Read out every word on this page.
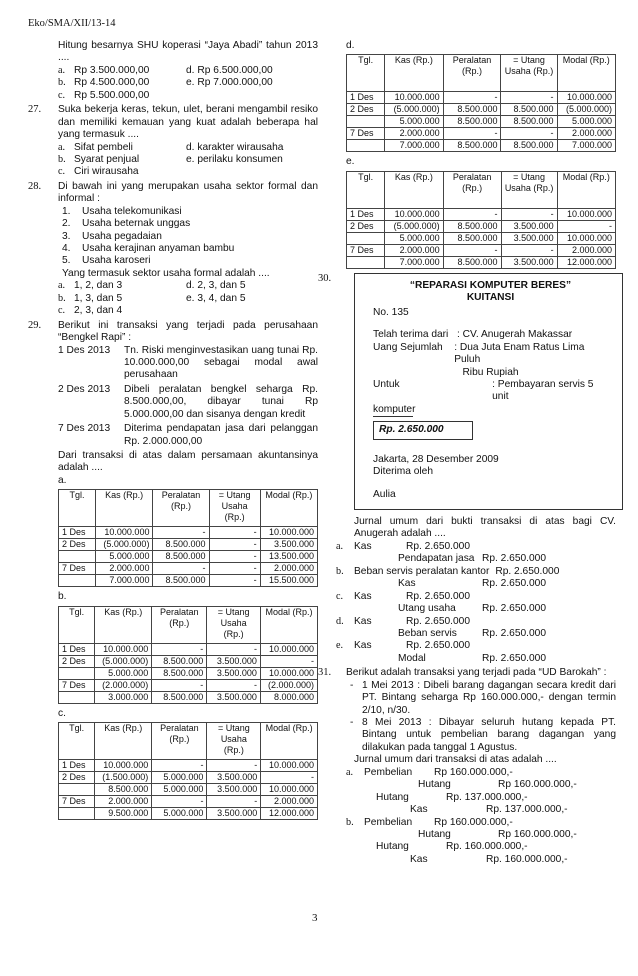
Eko/SMA/XII/13-14
Hitung besarnya SHU koperasi “Jaya Abadi” tahun 2013 ....
a. Rp 3.500.000,00	d.
Rp 6.500.000,00
b. Rp 4.500.000,00	e.
Rp 7.000.000,00
c. Rp 5.500.000,00
27. Suka bekerja keras, tekun, ulet, berani mengambil resiko dan memiliki kemauan yang kuat adalah beberapa hal yang termasuk ....
a. Sifat pembeli	d.
karakter wirausaha
b. Syarat penjual	e.
perilaku konsumen
c. Ciri wirausaha
28. Di bawah ini yang merupakan usaha sektor formal dan informal :
1.	Usaha telekomunikasi
2.	Usaha beternak unggas
3.	Usaha pegadaian
4.	Usaha kerajinan anyaman bambu
5.	Usaha karoseri
Yang termasuk sektor usaha formal adalah ....
a. 1, 2, dan 3	d.
2, 3, dan 5
b. 1, 3, dan 5	e.
3, 4, dan 5
c. 2, 3, dan 4
29. Berikut ini transaksi yang terjadi pada perusahaan “Bengkel Rapi” :
1 Des 2013	Tn. Riski menginvestasikan uang tunai Rp. 10.000.000,00 sebagai modal awal perusahaan
2 Des 2013	Dibeli peralatan bengkel seharga Rp. 8.500.000,00, dibayar tunai Rp 5.000.000,00 dan sisanya dengan kredit
7 Des 2013	Diterima pendapatan jasa dari pelanggan Rp. 2.000.000,00
Dari transaksi di atas dalam persamaan akuntansinya adalah ....
a.
Tgl.	Kas (Rp.)	Peralatan (Rp.)	= Utang Usaha (Rp.)	Modal (Rp.)
1 Des	10.000.000	-	-	10.000.000
2 Des	(5.000.000)	8.500.000	-	3.500.000
	5.000.000	8.500.000	-	13.500.000
7 Des	2.000.000	-	-	2.000.000
	7.000.000	8.500.000	-	15.500.000
b.
Tgl.	Kas (Rp.)	Peralatan (Rp.)	= Utang Usaha (Rp.)	Modal (Rp.)
1 Des	10.000.000	-	-	10.000.000
2 Des	(5.000.000)	8.500.000	3.500.000	-
	5.000.000	8.500.000	3.500.000	10.000.000
7 Des	(2.000.000)	-	-	(2.000.000)
	3.000.000	8.500.000	3.500.000	8.000.000
c.
Tgl.	Kas (Rp.)	Peralatan (Rp.)	= Utang Usaha (Rp.)	Modal (Rp.)
1 Des	10.000.000	-	-	10.000.000
2 Des	(1.500.000)	5.000.000	3.500.000	-
	8.500.000	5.000.000	3.500.000	10.000.000
7 Des	2.000.000	-	-	2.000.000
	9.500.000	5.000.000	3.500.000	12.000.000
d.
Tgl.	Kas (Rp.)	Peralatan (Rp.)	= Utang Usaha (Rp.)	Modal (Rp.)
1 Des	10.000.000	-	-	10.000.000
2 Des	(5.000.000)	8.500.000	8.500.000	(5.000.000)
	5.000.000	8.500.000	8.500.000	5.000.000
7 Des	2.000.000	-	-	2.000.000
	7.000.000	8.500.000	8.500.000	7.000.000
e.
Tgl.	Kas (Rp.)	Peralatan (Rp.)	= Utang Usaha (Rp.)	Modal (Rp.)
1 Des	10.000.000	-	-	10.000.000
2 Des	(5.000.000)	8.500.000	3.500.000	-
	5.000.000	8.500.000	3.500.000	10.000.000
7 Des	2.000.000	-	-	2.000.000
	7.000.000	8.500.000	3.500.000	12.000.000
30.
“REPARASI KOMPUTER BERES”
KUITANSI
No. 135
Telah terima dari : CV. Anugerah Makassar
Uang Sejumlah	: Dua Juta Enam Ratus Lima Puluh
Ribu Rupiah
Untuk	: Pembayaran servis 5 unit
komputer
Rp. 2.650.000
Jakarta, 28 Desember 2009
Diterima oleh
Aulia
Jurnal umum dari bukti transaksi di atas bagi CV. Anugerah adalah ....
a.	Kas	Rp. 2.650.000
Pendapatan jasa Rp. 2.650.000
b.	Beban servis peralatan kantor Rp. 2.650.000
Kas	Rp. 2.650.000
c.	Kas	Rp. 2.650.000
Utang usaha	Rp. 2.650.000
d.	Kas	Rp. 2.650.000
Beban servis	Rp. 2.650.000
e.	Kas	Rp. 2.650.000
Modal	Rp. 2.650.000
31. Berikut adalah transaksi yang terjadi pada “UD Barokah” :
- 1 Mei 2013 : Dibeli barang dagangan secara kredit dari PT. Bintang seharga Rp 160.000.000,- dengan termin 2/10, n/30.
- 8 Mei 2013 : Dibayar seluruh hutang kepada PT. Bintang untuk pembelian barang dagangan yang dilakukan pada tanggal 1 Agustus.
Jurnal umum dari transaksi di atas adalah ....
a.	Pembelian	Rp 160.000.000,-
Hutang	Rp 160.000.000,-
Hutang	Rp. 137.000.000,-
Kas	Rp. 137.000.000,-
b.	Pembelian	Rp 160.000.000,-
Hutang	Rp 160.000.000,-
Hutang	Rp. 160.000.000,-
Kas	Rp. 160.000.000,-
3
